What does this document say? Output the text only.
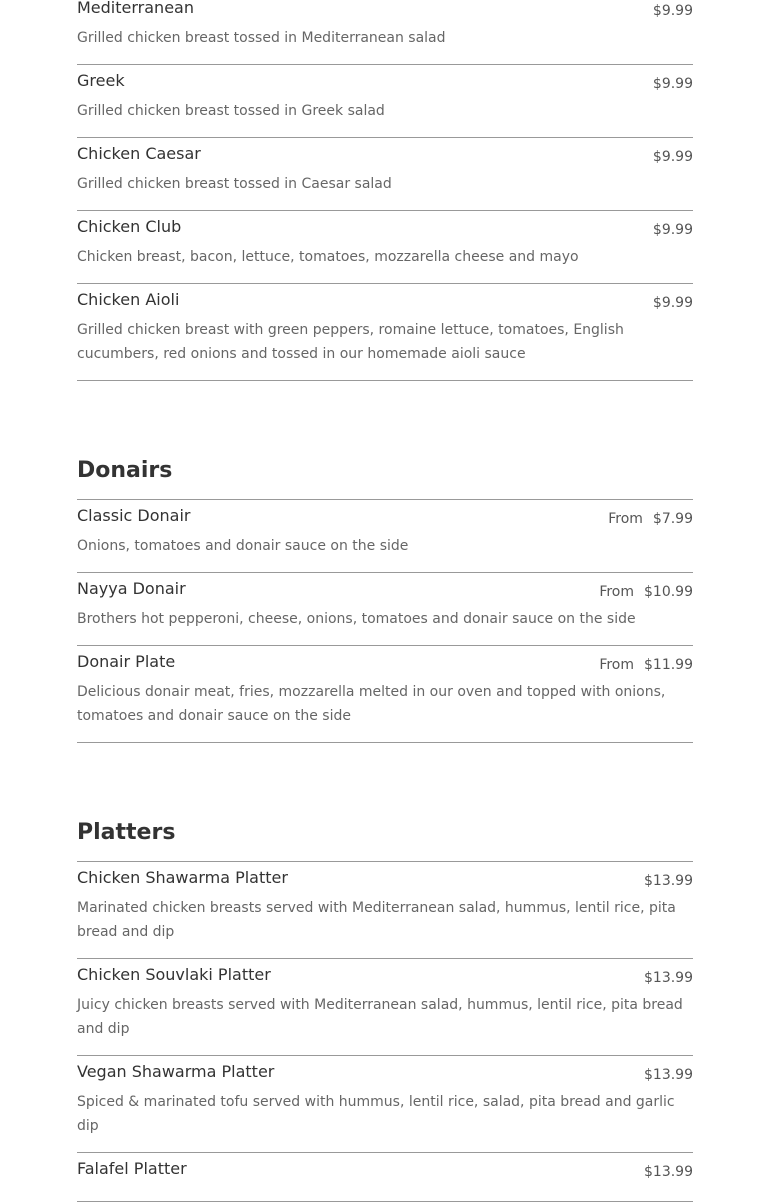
Mediterranean	$9.99
Grilled chicken breast tossed in Mediterranean salad
Greek	$9.99
Grilled chicken breast tossed in Greek salad
Chicken Caesar	$9.99
Grilled chicken breast tossed in Caesar salad
Chicken Club	$9.99
Chicken breast, bacon, lettuce, tomatoes, mozzarella cheese and mayo
Chicken Aioli	$9.99
Grilled chicken breast with green peppers, romaine lettuce, tomatoes, English cucumbers, red onions and tossed in our homemade aioli sauce
Donairs
Classic Donair	From $7.99
Onions, tomatoes and donair sauce on the side
Nayya Donair	From $10.99
Brothers hot pepperoni, cheese, onions, tomatoes and donair sauce on the side
Donair Plate	From $11.99
Delicious donair meat, fries, mozzarella melted in our oven and topped with onions, tomatoes and donair sauce on the side
Platters
Chicken Shawarma Platter	$13.99
Marinated chicken breasts served with Mediterranean salad, hummus, lentil rice, pita bread and dip
Chicken Souvlaki Platter	$13.99
Juicy chicken breasts served with Mediterranean salad, hummus, lentil rice, pita bread and dip
Vegan Shawarma Platter	$13.99
Spiced & marinated tofu served with hummus, lentil rice, salad, pita bread and garlic dip
Falafel Platter	$13.99
